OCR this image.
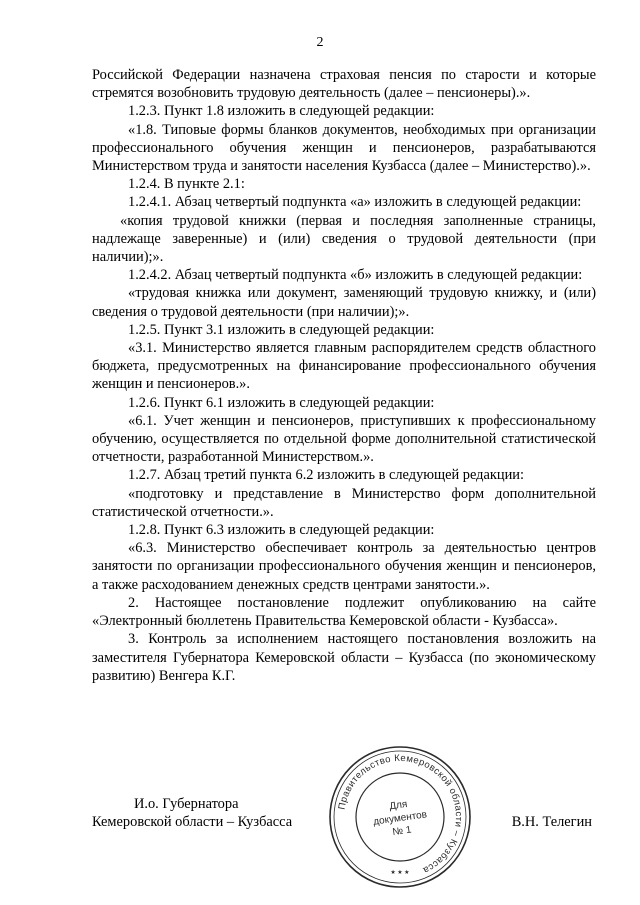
2
Российской Федерации назначена страховая пенсия по старости и которые стремятся возобновить трудовую деятельность (далее – пенсионеры).».
1.2.3. Пункт 1.8 изложить в следующей редакции:
«1.8. Типовые формы бланков документов, необходимых при организации профессионального обучения женщин и пенсионеров, разрабатываются Министерством труда и занятости населения Кузбасса (далее – Министерство).».
1.2.4. В пункте 2.1:
1.2.4.1. Абзац четвертый подпункта «а» изложить в следующей редакции:
«копия трудовой книжки (первая и последняя заполненные страницы, надлежаще заверенные) и (или) сведения о трудовой деятельности (при наличии);».
1.2.4.2. Абзац четвертый подпункта «б» изложить в следующей редакции:
«трудовая книжка или документ, заменяющий трудовую книжку, и (или) сведения о трудовой деятельности (при наличии);».
1.2.5. Пункт 3.1 изложить в следующей редакции:
«3.1. Министерство является главным распорядителем средств областного бюджета, предусмотренных на финансирование профессионального обучения женщин и пенсионеров.».
1.2.6. Пункт 6.1 изложить в следующей редакции:
«6.1. Учет женщин и пенсионеров, приступивших к профессиональному обучению, осуществляется по отдельной форме дополнительной статистической отчетности, разработанной Министерством.».
1.2.7. Абзац третий пункта 6.2 изложить в следующей редакции:
«подготовку и представление в Министерство форм дополнительной статистической отчетности.».
1.2.8. Пункт 6.3 изложить в следующей редакции:
«6.3. Министерство обеспечивает контроль за деятельностью центров занятости по организации профессионального обучения женщин и пенсионеров, а также расходованием денежных средств центрами занятости.».
2. Настоящее постановление подлежит опубликованию на сайте «Электронный бюллетень Правительства Кемеровской области - Кузбасса».
3. Контроль за исполнением настоящего постановления возложить на заместителя Губернатора Кемеровской области – Кузбасса (по экономическому развитию) Венгера К.Г.
И.о. Губернатора
Кемеровской области – Кузбасса	В.Н. Телегин
Правительство Кемеровской области – Кузбасса
★ ★ ★
Для
документов
№ 1
